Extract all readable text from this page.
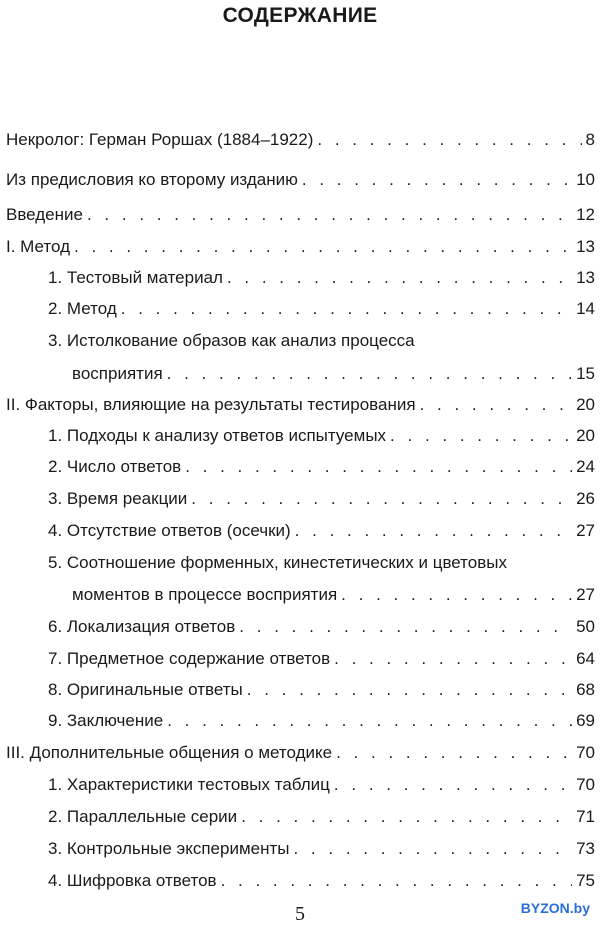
СОДЕРЖАНИЕ
Некролог: Герман Роршах (1884–1922) . . .	8
Из предисловия ко второму изданию . . .	10
Введение . . .	12
I. Метод . . .	13
1. Тестовый материал . . .	13
2. Метод . . .	14
3. Истолкование образов как анализ процесса
восприятия . . .	15
II. Факторы, влияющие на результаты тестирования . . .	20
1. Подходы к анализу ответов испытуемых . . .	20
2. Число ответов . . .	24
3. Время реакции . . .	26
4. Отсутствие ответов (осечки) . . .	27
5. Соотношение форменных, кинестетических и цветовых
моментов в процессе восприятия . . .	27
6. Локализация ответов . . .	50
7. Предметное содержание ответов . . .	64
8. Оригинальные ответы . . .	68
9. Заключение . . .	69
III. Дополнительные общения о методике . . .	70
1. Характеристики тестовых таблиц . . .	70
2. Параллельные серии . . .	71
3. Контрольные эксперименты . . .	73
4. Шифровка ответов . . .	75
5	BYZON.by
